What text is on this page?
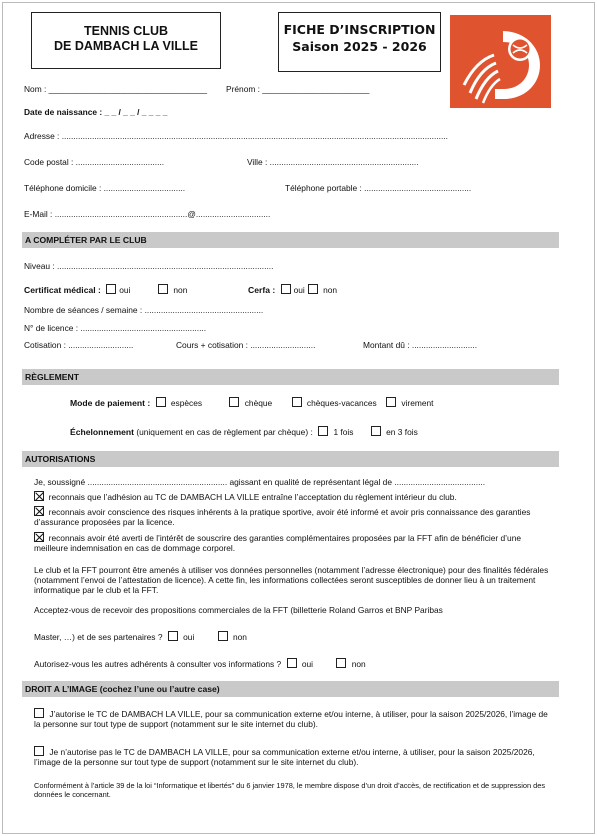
TENNIS CLUB
DE DAMBACH LA VILLE
FICHE D’INSCRIPTION
Saison 2025 - 2026
Nom : __________________________________ Prénom : _______________________
Date de naissance : _ _ / _ _ / _ _ _ _
Adresse : ......................................................................................................................................................................
Code postal : ......................................	Ville : ................................................................
Téléphone domicile : ...................................	Téléphone portable : ..............................................
E-Mail : .........................................................@................................
A COMPLÉTER PAR LE CLUB
Niveau : .............................................................................................
Certificat médical : oui	non	Cerfa : oui non
Nombre de séances / semaine : ...................................................
N° de licence : ......................................................
Cotisation : ............................	Cours + cotisation : ............................	Montant dû : ............................
RÈGLEMENT
Mode de paiement : espèces	chèque	chèques-vacances	virement
Échelonnement (uniquement en cas de règlement par chèque) : 1 fois	en 3 fois
AUTORISATIONS
Je, soussigné ............................................................ agissant en qualité de représentant légal de .......................................
reconnais que l’adhésion au TC de DAMBACH LA VILLE entraîne l’acceptation du règlement intérieur du club.
reconnais avoir conscience des risques inhérents à la pratique sportive, avoir été informé et avoir pris connaissance des garanties d’assurance proposées par la licence.
reconnais avoir été averti de l’intérêt de souscrire des garanties complémentaires proposées par la FFT afin de bénéficier d’une meilleure indemnisation en cas de dommage corporel.
Le club et la FFT pourront être amenés à utiliser vos données personnelles (notamment l’adresse électronique) pour des finalités fédérales (notamment l’envoi de l’attestation de licence). A cette fin, les informations collectées seront susceptibles de donner lieu à un traitement informatique par le club et la FFT.
Acceptez-vous de recevoir des propositions commerciales de la FFT (billetterie Roland Garros et BNP Paribas
Master, …) et de ses partenaires ? oui	non
Autorisez-vous les autres adhérents à consulter vos informations ? oui	non
DROIT A L’IMAGE (cochez l’une ou l’autre case)
J’autorise le TC de DAMBACH LA VILLE, pour sa communication externe et/ou interne, à utiliser, pour la saison 2025/2026, l’image de la personne sur tout type de support (notamment sur le site internet du club).
Je n’autorise pas le TC de DAMBACH LA VILLE, pour sa communication externe et/ou interne, à utiliser, pour la saison 2025/2026, l’image de la personne sur tout type de support (notamment sur le site internet du club).
Conformément à l’article 39 de la loi “Informatique et libertés” du 6 janvier 1978, le membre dispose d’un droit d’accès, de rectification et de suppression des données le concernant.
